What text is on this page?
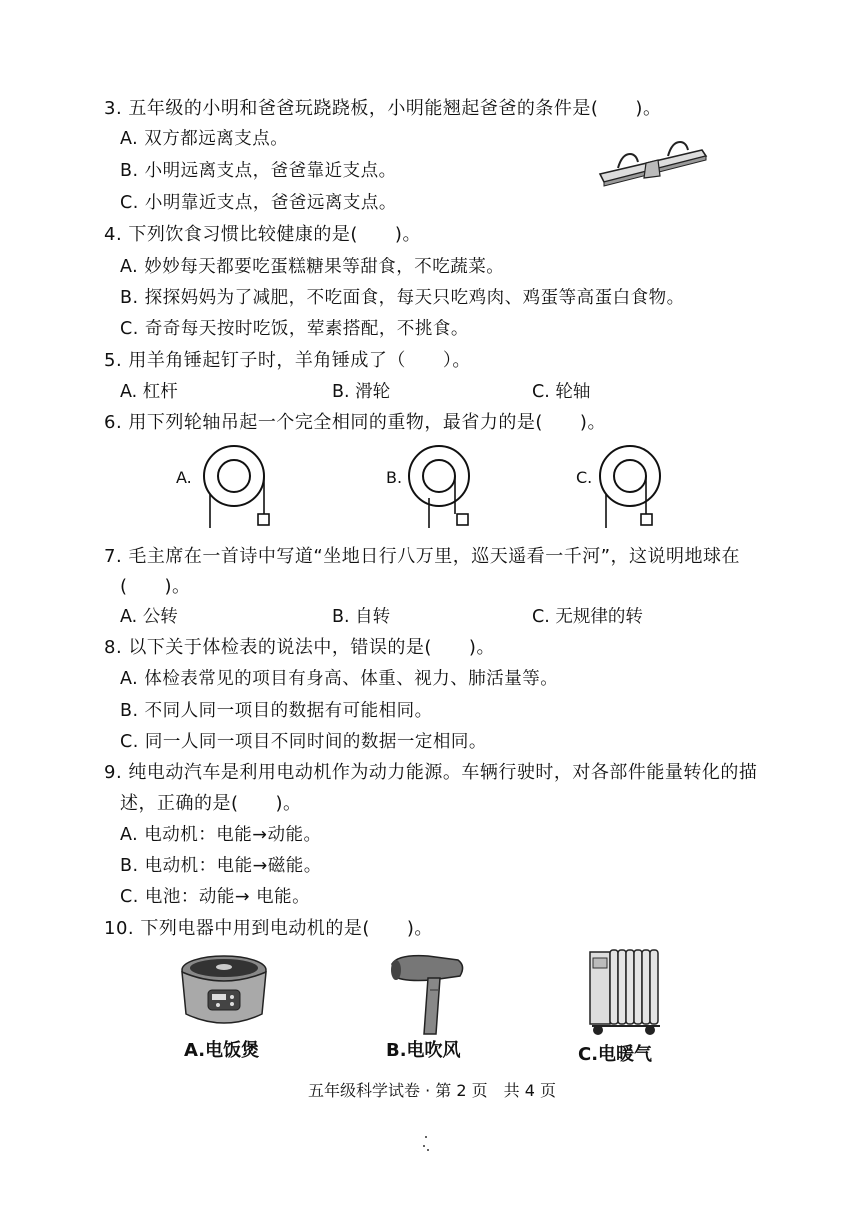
3. 五年级的小明和爸爸玩跷跷板，小明能翘起爸爸的条件是(　　)。
A. 双方都远离支点。
B. 小明远离支点，爸爸靠近支点。
C. 小明靠近支点，爸爸远离支点。
4. 下列饮食习惯比较健康的是(　　)。
A. 妙妙每天都要吃蛋糕糖果等甜食，不吃蔬菜。
B. 探探妈妈为了减肥，不吃面食，每天只吃鸡肉、鸡蛋等高蛋白食物。
C. 奇奇每天按时吃饭，荤素搭配，不挑食。
5. 用羊角锤起钉子时，羊角锤成了（　　）。
A. 杠杆	B. 滑轮	C. 轮轴
6. 用下列轮轴吊起一个完全相同的重物，最省力的是(　　)。
A.	B.	C.
7. 毛主席在一首诗中写道“坐地日行八万里，巡天遥看一千河”，这说明地球在
(　　)。
A. 公转	B. 自转	C. 无规律的转
8. 以下关于体检表的说法中，错误的是(　　)。
A. 体检表常见的项目有身高、体重、视力、肺活量等。
B. 不同人同一项目的数据有可能相同。
C. 同一人同一项目不同时间的数据一定相同。
9. 纯电动汽车是利用电动机作为动力能源。车辆行驶时，对各部件能量转化的描
述，正确的是(　　)。
A. 电动机：电能→动能。
B. 电动机：电能→磁能。
C. 电池：动能→ 电能。
10. 下列电器中用到电动机的是(　　)。
A.电饭煲	B.电吹风	C.电暖气
五年级科学试卷 · 第 2 页　共 4 页
